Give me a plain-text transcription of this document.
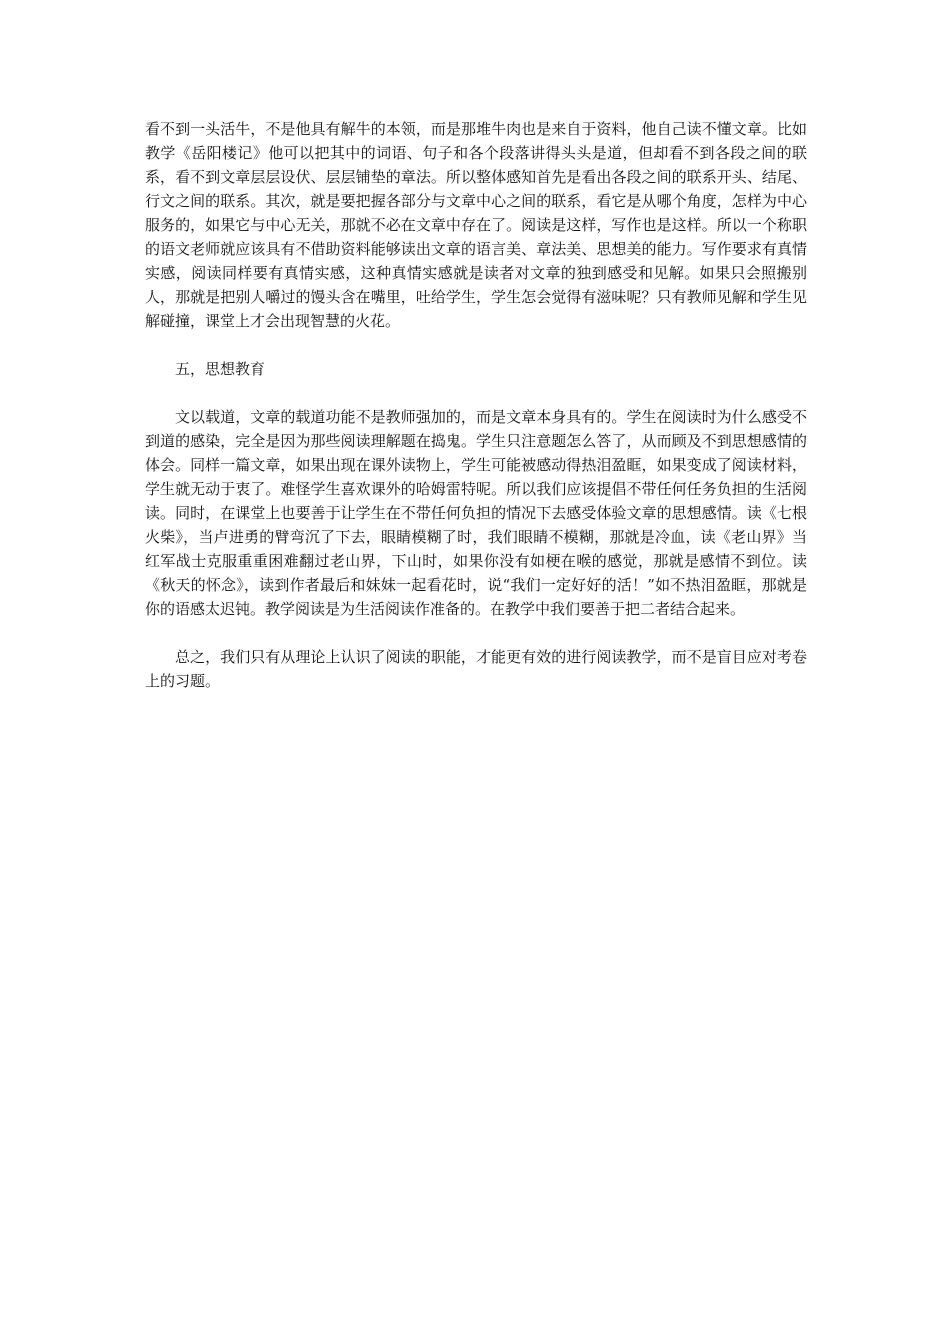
看不到一头活牛，不是他具有解牛的本领，而是那堆牛肉也是来自于资料，他自己读不懂文章。比如教学《岳阳楼记》他可以把其中的词语、句子和各个段落讲得头头是道，但却看不到各段之间的联系，看不到文章层层设伏、层层铺垫的章法。所以整体感知首先是看出各段之间的联系开头、结尾、行文之间的联系。其次，就是要把握各部分与文章中心之间的联系，看它是从哪个角度，怎样为中心服务的，如果它与中心无关，那就不必在文章中存在了。阅读是这样，写作也是这样。所以一个称职的语文老师就应该具有不借助资料能够读出文章的语言美、章法美、思想美的能力。写作要求有真情实感，阅读同样要有真情实感，这种真情实感就是读者对文章的独到感受和见解。如果只会照搬别人，那就是把别人嚼过的馒头含在嘴里，吐给学生，学生怎会觉得有滋味呢？只有教师见解和学生见解碰撞，课堂上才会出现智慧的火花。

五，思想教育

文以载道，文章的载道功能不是教师强加的，而是文章本身具有的。学生在阅读时为什么感受不到道的感染，完全是因为那些阅读理解题在捣鬼。学生只注意题怎么答了，从而顾及不到思想感情的体会。同样一篇文章，如果出现在课外读物上，学生可能被感动得热泪盈眶，如果变成了阅读材料，学生就无动于衷了。难怪学生喜欢课外的哈姆雷特呢。所以我们应该提倡不带任何任务负担的生活阅读。同时，在课堂上也要善于让学生在不带任何负担的情况下去感受体验文章的思想感情。读《七根火柴》，当卢进勇的臂弯沉了下去，眼睛模糊了时，我们眼睛不模糊，那就是冷血，读《老山界》当红军战士克服重重困难翻过老山界，下山时，如果你没有如梗在喉的感觉，那就是感情不到位。读《秋天的怀念》，读到作者最后和妹妹一起看花时，说“我们一定好好的活！”如不热泪盈眶，那就是你的语感太迟钝。教学阅读是为生活阅读作准备的。在教学中我们要善于把二者结合起来。

总之，我们只有从理论上认识了阅读的职能，才能更有效的进行阅读教学，而不是盲目应对考卷上的习题。
